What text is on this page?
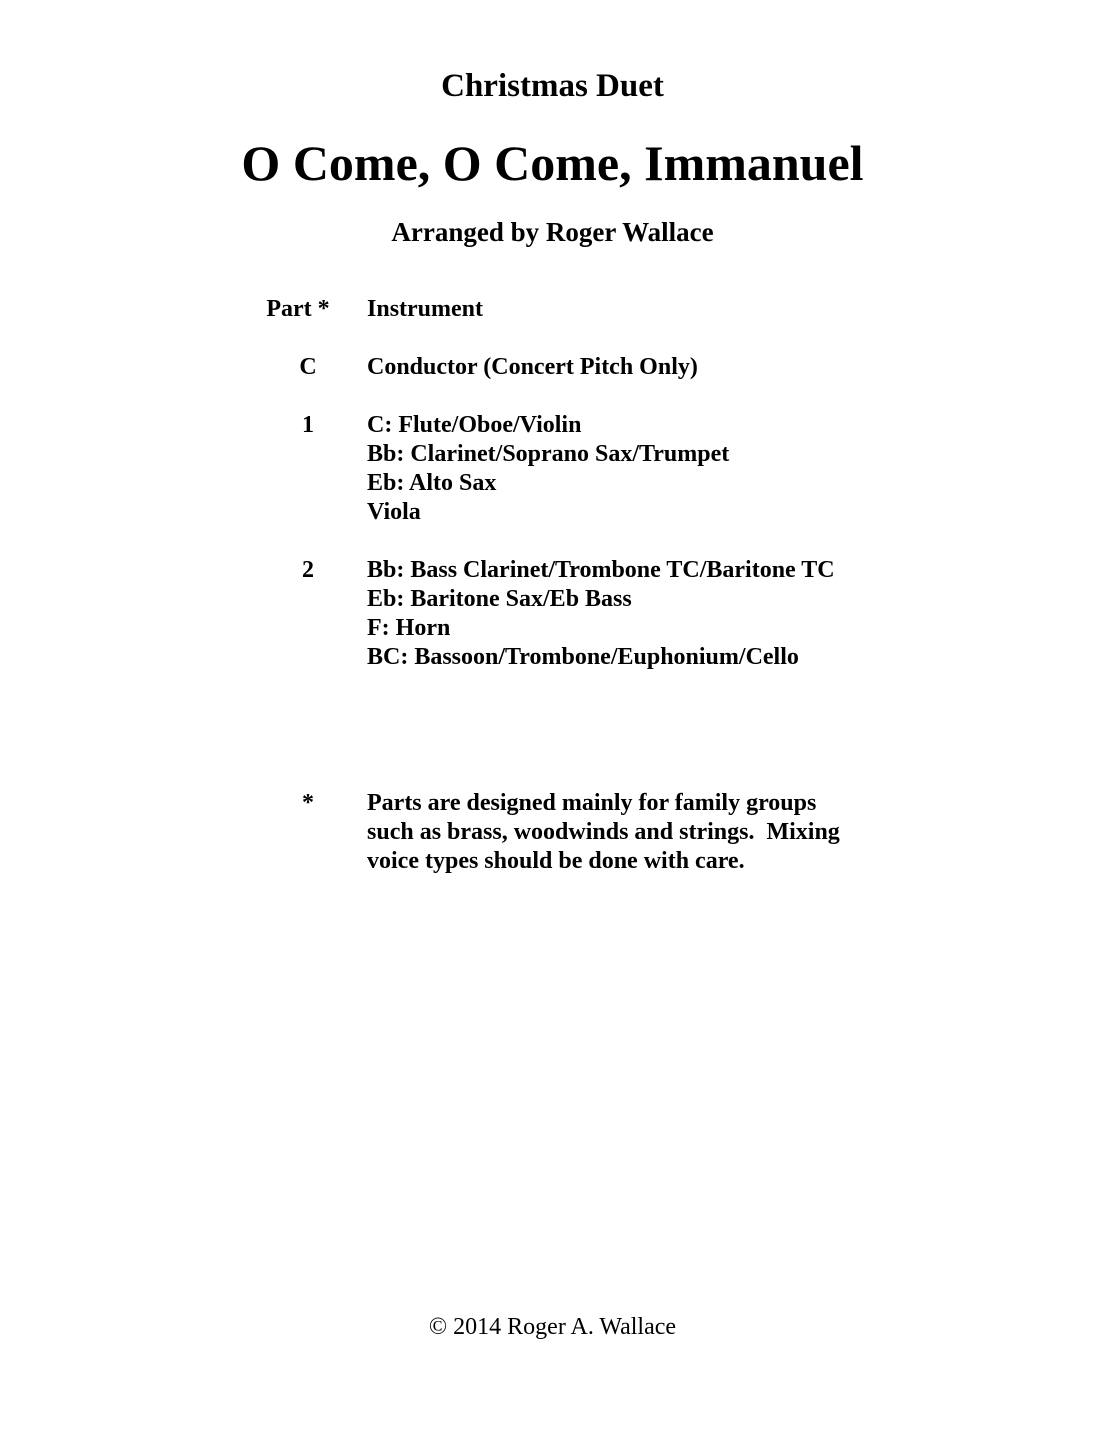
Christmas Duet
O Come, O Come, Immanuel
Arranged by Roger Wallace
Part *	Instrument
C	Conductor (Concert Pitch Only)
1	C: Flute/Oboe/Violin
Bb: Clarinet/Soprano Sax/Trumpet
Eb: Alto Sax
Viola
2	Bb: Bass Clarinet/Trombone TC/Baritone TC
Eb: Baritone Sax/Eb Bass
F: Horn
BC: Bassoon/Trombone/Euphonium/Cello
*	Parts are designed mainly for family groups
such as brass, woodwinds and strings.  Mixing
voice types should be done with care.
© 2014 Roger A. Wallace
